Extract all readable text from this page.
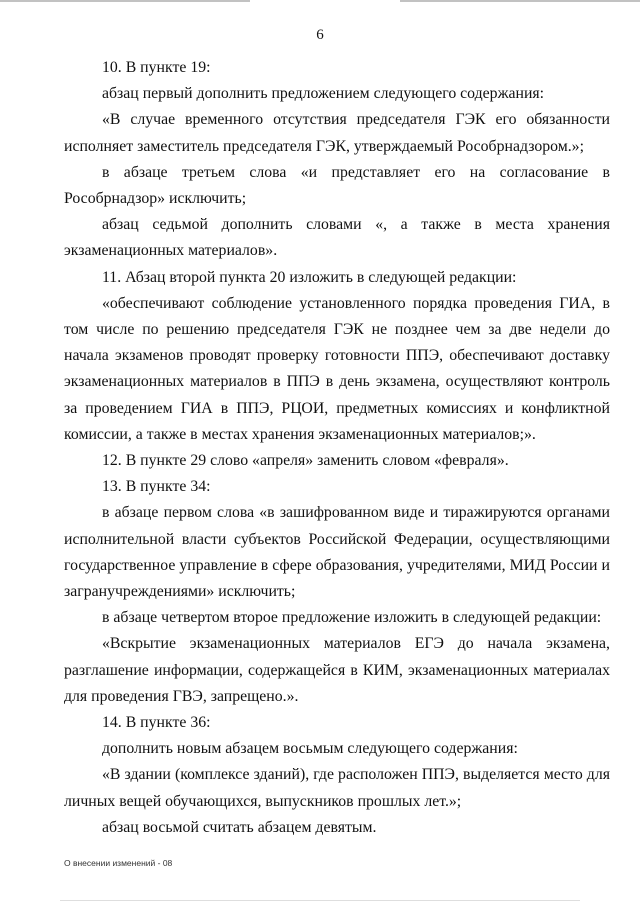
6

10. В пункте 19:

абзац первый дополнить предложением следующего содержания:

«В случае временного отсутствия председателя ГЭК его обязанности исполняет заместитель председателя ГЭК, утверждаемый Рособрнадзором.»;

в абзаце третьем слова «и представляет его на согласование в Рособрнадзор» исключить;

абзац седьмой дополнить словами «, а также в места хранения экзаменационных материалов».

11. Абзац второй пункта 20 изложить в следующей редакции:

«обеспечивают соблюдение установленного порядка проведения ГИА, в том числе по решению председателя ГЭК не позднее чем за две недели до начала экзаменов проводят проверку готовности ППЭ, обеспечивают доставку экзаменационных материалов в ППЭ в день экзамена, осуществляют контроль за проведением ГИА в ППЭ, РЦОИ, предметных комиссиях и конфликтной комиссии, а также в местах хранения экзаменационных материалов;».

12. В пункте 29 слово «апреля» заменить словом «февраля».

13. В пункте 34:

в абзаце первом слова «в зашифрованном виде и тиражируются органами исполнительной власти субъектов Российской Федерации, осуществляющими государственное управление в сфере образования, учредителями, МИД России и загранучреждениями» исключить;

в абзаце четвертом второе предложение изложить в следующей редакции:

«Вскрытие экзаменационных материалов ЕГЭ до начала экзамена, разглашение информации, содержащейся в КИМ, экзаменационных материалах для проведения ГВЭ, запрещено.».

14. В пункте 36:

дополнить новым абзацем восьмым следующего содержания:

«В здании (комплексе зданий), где расположен ППЭ, выделяется место для личных вещей обучающихся, выпускников прошлых лет.»;

абзац восьмой считать абзацем девятым.

О внесении изменений - 08
